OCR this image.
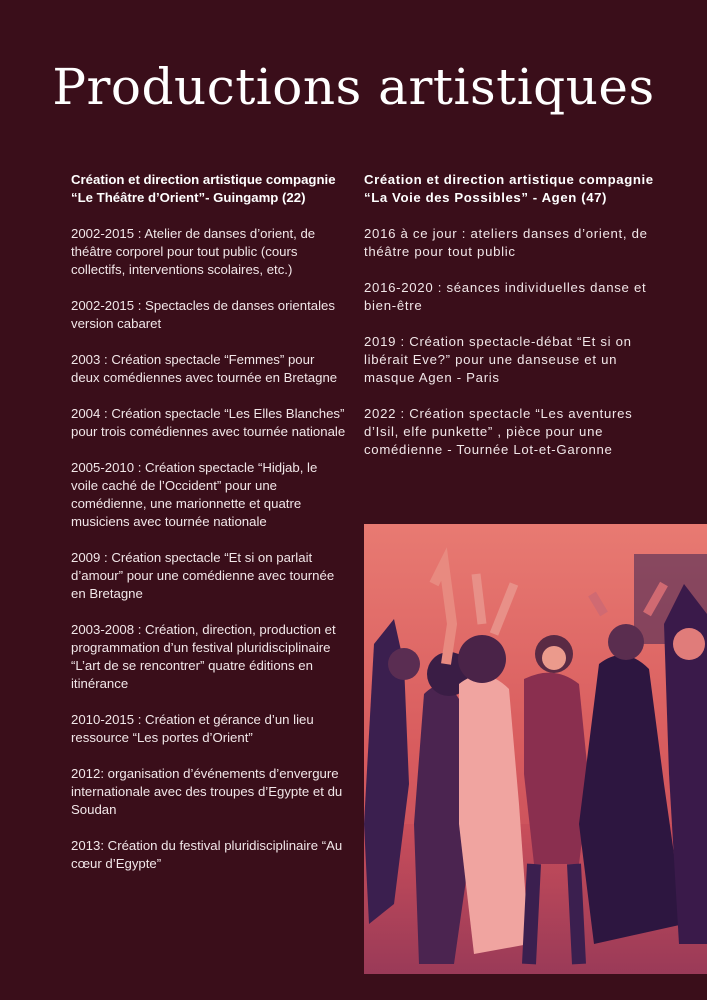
Productions artistiques

Création et direction artistique compagnie “Le Théâtre d’Orient”- Guingamp (22)

2002-2015 : Atelier de danses d’orient, de théâtre corporel pour tout public (cours collectifs, interventions scolaires, etc.)

2002-2015 : Spectacles de danses orientales version cabaret

2003 : Création spectacle “Femmes” pour deux comédiennes avec tournée en Bretagne

2004 : Création spectacle “Les Elles Blanches” pour trois comédiennes avec tournée nationale

2005-2010 : Création spectacle “Hidjab, le voile caché de l’Occident” pour une comédienne, une marionnette et quatre musiciens avec tournée nationale

2009 : Création spectacle “Et si on parlait d’amour” pour une comédienne avec tournée en Bretagne

2003-2008 : Création, direction, production et programmation d’un festival pluridisciplinaire “L’art de se rencontrer” quatre éditions en itinérance

2010-2015 : Création et gérance d’un lieu ressource “Les portes d’Orient”

2012: organisation d’événements d’envergure internationale avec des troupes d’Egypte et du Soudan

2013: Création du festival pluridisciplinaire “Au cœur d’Egypte”

Création et direction artistique compagnie “La Voie des Possibles” - Agen (47)

2016 à ce jour : ateliers danses d’orient, de théâtre pour tout public

2016-2020 : séances individuelles danse et bien-être

2019 : Création spectacle-débat “Et si on libérait Eve?” pour une danseuse et un masque Agen - Paris

2022 : Création spectacle “Les aventures d’Isil, elfe punkette” , pièce pour une comédienne - Tournée Lot-et-Garonne
